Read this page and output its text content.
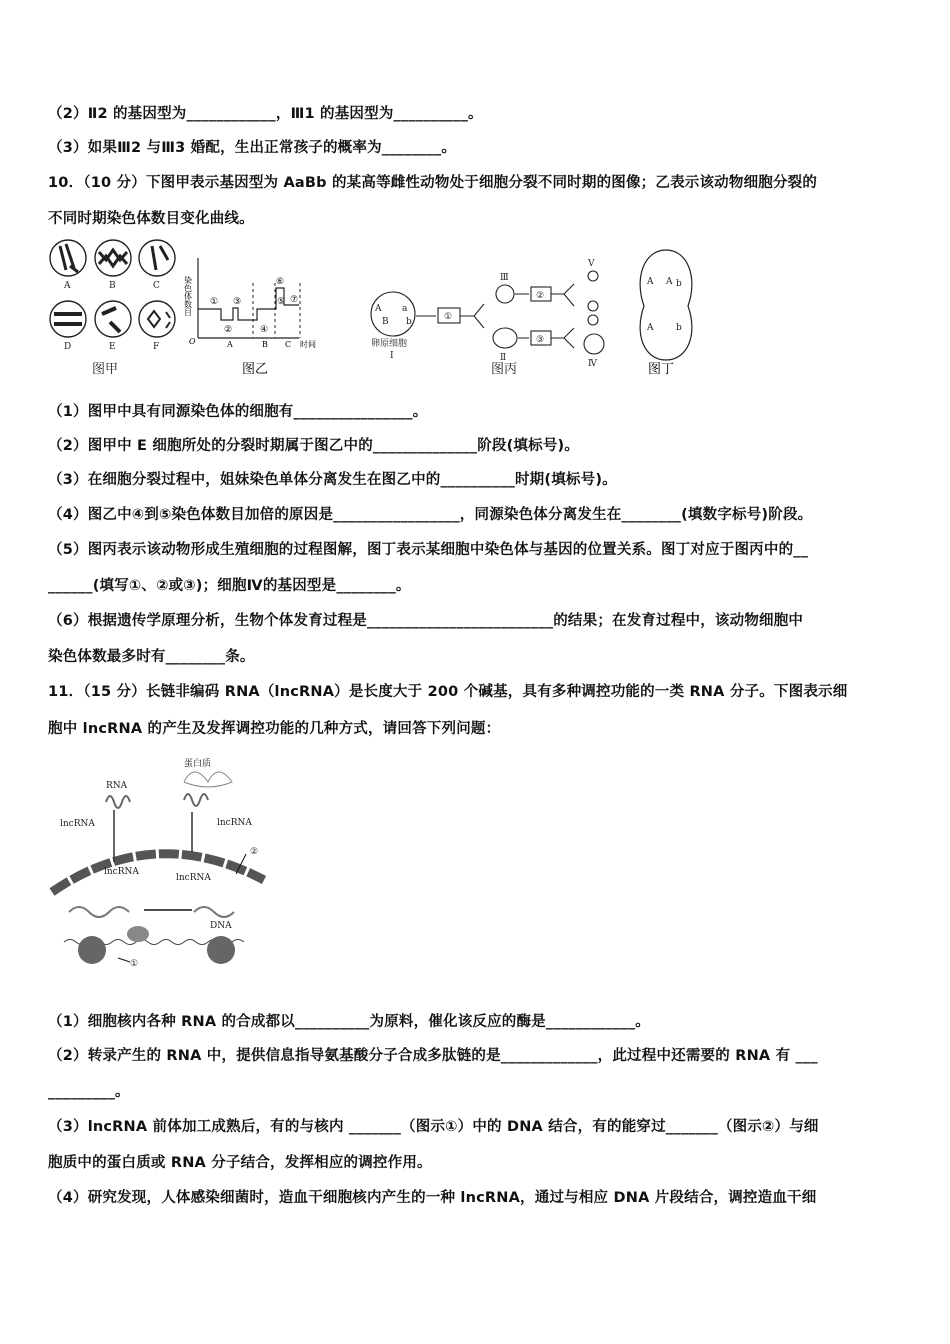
（2）Ⅱ2 的基因型为____________，Ⅲ1 的基因型为__________。
（3）如果Ⅲ2 与Ⅲ3 婚配，生出正常孩子的概率为________。
10．（10 分）下图甲表示基因型为 AaBb 的某高等雌性动物处于细胞分裂不同时期的图像；乙表示该动物细胞分裂的
不同时期染色体数目变化曲线。
A	B	C
D	E	F
图甲
染色体数目
O	时间
A	B C
①
②
③
④
⑤
⑥
⑦
图乙
A a
B b
卵原细胞
Ⅰ
①
②
③
Ⅲ
Ⅱ
Ⅴ
Ⅳ
图丙
A A b
A	b
图丁
（1）图甲中具有同源染色体的细胞有________________。
（2）图甲中 E 细胞所处的分裂时期属于图乙中的______________阶段(填标号)。
（3）在细胞分裂过程中，姐妹染色单体分离发生在图乙中的__________时期(填标号)。
（4）图乙中④到⑤染色体数目加倍的原因是_________________，同源染色体分离发生在________(填数字标号)阶段。
（5）图丙表示该动物形成生殖细胞的过程图解，图丁表示某细胞中染色体与基因的位置关系。图丁对应于图丙中的__
______(填写①、②或③)；细胞Ⅳ的基因型是________。
（6）根据遗传学原理分析，生物个体发育过程是_________________________的结果；在发育过程中，该动物细胞中
染色体数最多时有________条。
11．（15 分）长链非编码 RNA（lncRNA）是长度大于 200 个碱基，具有多种调控功能的一类 RNA 分子。下图表示细
胞中 lncRNA 的产生及发挥调控功能的几种方式，请回答下列问题：
RNA
蛋白质
lncRNA	lncRNA
lncRNA
lncRNA
DNA
①
②
（1）细胞核内各种 RNA 的合成都以__________为原料，催化该反应的酶是____________。
（2）转录产生的 RNA 中，提供信息指导氨基酸分子合成多肽链的是_____________，此过程中还需要的 RNA 有 ___
_________。
（3）lncRNA 前体加工成熟后，有的与核内 _______（图示①）中的 DNA 结合，有的能穿过_______（图示②）与细
胞质中的蛋白质或 RNA 分子结合，发挥相应的调控作用。
（4）研究发现，人体感染细菌时，造血干细胞核内产生的一种 lncRNA，通过与相应 DNA 片段结合，调控造血干细
